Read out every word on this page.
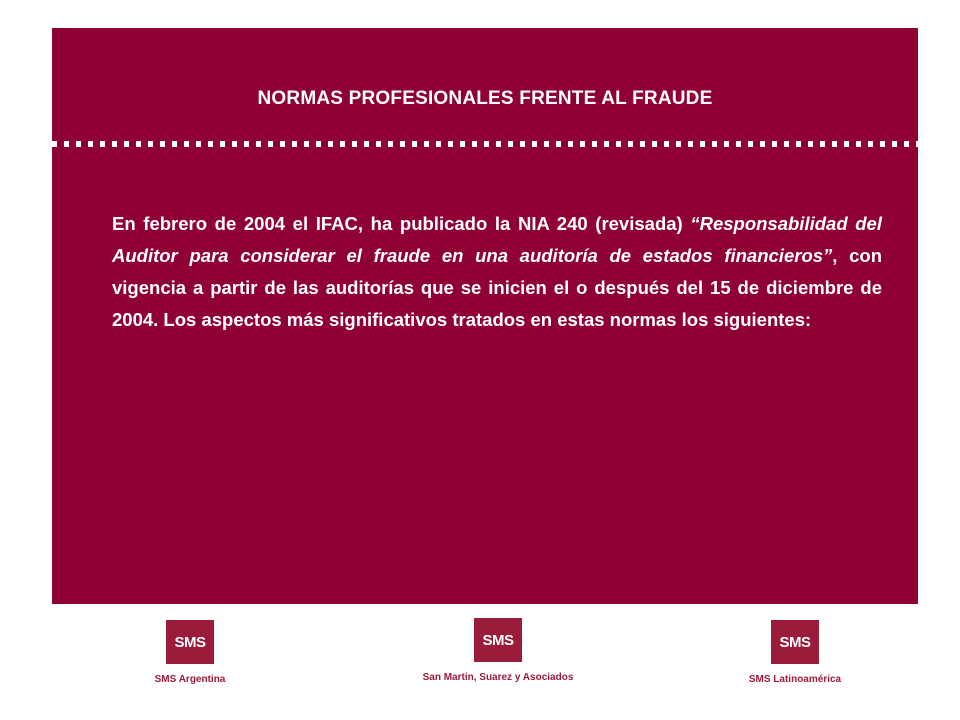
NORMAS PROFESIONALES FRENTE AL FRAUDE
En febrero de 2004 el IFAC, ha publicado la NIA 240 (revisada) “Responsabilidad del Auditor para considerar el fraude en una auditoría de estados financieros”, con vigencia a partir de las auditorías que se inicien el o después del 15 de diciembre de 2004. Los aspectos más significativos tratados en estas normas los siguientes:
SMS
SMS Argentina
SMS
San Martin, Suarez y Asociados
SMS
SMS Latinoamérica
